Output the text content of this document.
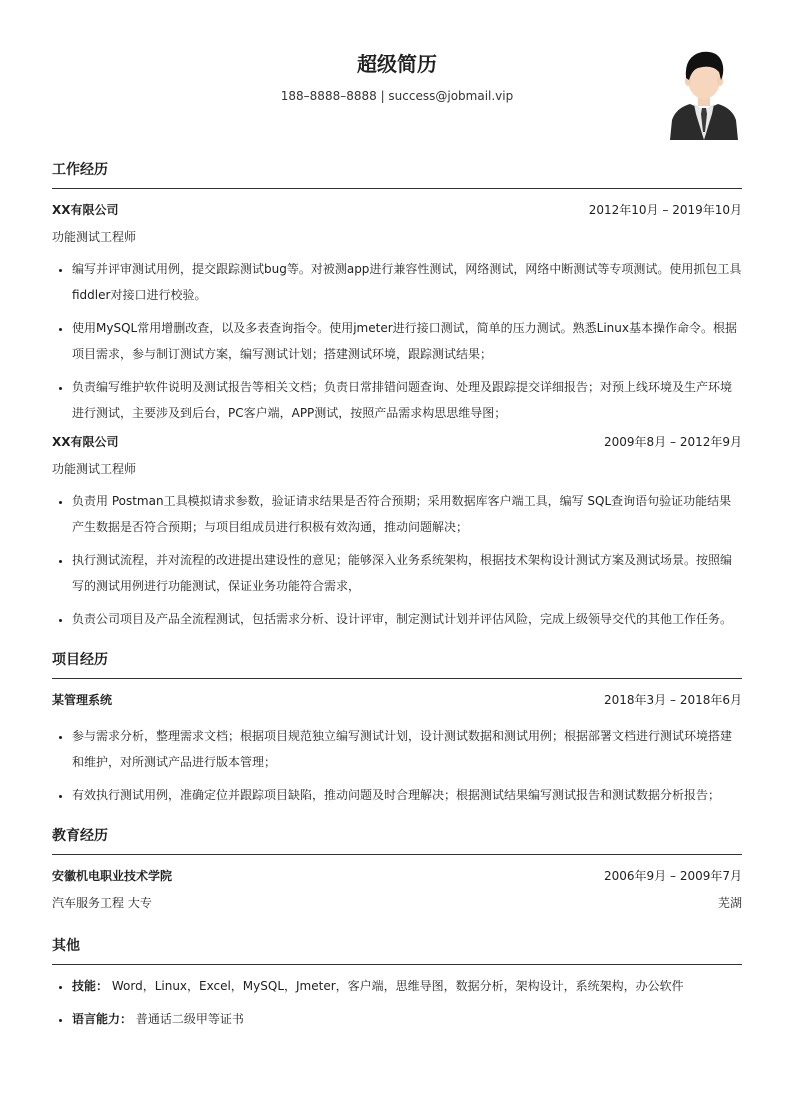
超级简历
188–8888–8888 | success@jobmail.vip
工作经历
XX有限公司	2012年10月 – 2019年10月
功能测试工程师
• 编写并评审测试用例，提交跟踪测试bug等。对被测app进行兼容性测试，网络测试，网络中断测试等专项测试。使用抓包工具fiddler对接口进行校验。
• 使用MySQL常用增删改查，以及多表查询指令。使用jmeter进行接口测试，简单的压力测试。熟悉Linux基本操作命令。根据项目需求，参与制订测试方案，编写测试计划；搭建测试环境，跟踪测试结果；
• 负责编写维护软件说明及测试报告等相关文档；负责日常排错问题查询、处理及跟踪提交详细报告；对预上线环境及生产环境进行测试，主要涉及到后台，PC客户端，APP测试，按照产品需求构思思维导图；
XX有限公司	2009年8月 – 2012年9月
功能测试工程师
• 负责用 Postman工具模拟请求参数，验证请求结果是否符合预期；采用数据库客户端工具，编写 SQL查询语句验证功能结果产生数据是否符合预期；与项目组成员进行积极有效沟通，推动问题解决；
• 执行测试流程，并对流程的改进提出建设性的意见；能够深入业务系统架构，根据技术架构设计测试方案及测试场景。按照编写的测试用例进行功能测试，保证业务功能符合需求，
• 负责公司项目及产品全流程测试，包括需求分析、设计评审，制定测试计划并评估风险，完成上级领导交代的其他工作任务。
项目经历
某管理系统	2018年3月 – 2018年6月
• 参与需求分析，整理需求文档；根据项目规范独立编写测试计划，设计测试数据和测试用例；根据部署文档进行测试环境搭建和维护，对所测试产品进行版本管理；
• 有效执行测试用例，准确定位并跟踪项目缺陷，推动问题及时合理解决；根据测试结果编写测试报告和测试数据分析报告；
教育经历
安徽机电职业技术学院	2006年9月 – 2009年7月
汽车服务工程 大专	芜湖
其他
• 技能： Word，Linux，Excel，MySQL，Jmeter，客户端，思维导图，数据分析，架构设计，系统架构，办公软件
• 语言能力： 普通话二级甲等证书
